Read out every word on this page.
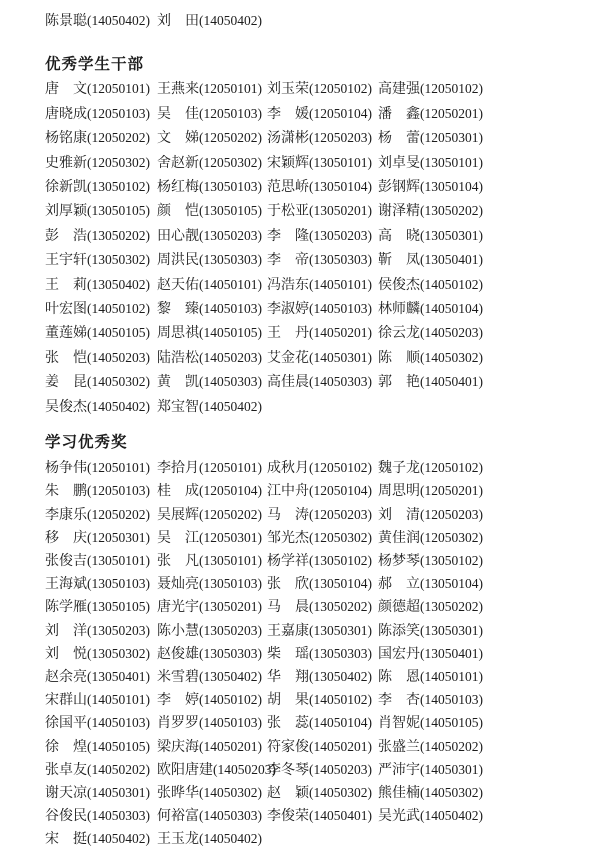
陈景聪(14050402) 刘　田(14050402)
优秀学生干部
唐　文(12050101) 王燕来(12050101) 刘玉荣(12050102) 高建强(12050102)
唐晓成(12050103) 吴　佳(12050103) 李　媛(12050104) 潘　鑫(12050201)
杨铭康(12050202) 文　娣(12050202) 汤潇彬(12050203) 杨　蕾(12050301)
史雅新(12050302) 舍赵新(12050302) 宋颖辉(13050101) 刘卓旻(13050101)
徐新凯(13050102) 杨红梅(13050103) 范思峤(13050104) 彭钢辉(13050104)
刘厚颖(13050105) 颜　恺(13050105) 于松亚(13050201) 谢泽精(13050202)
彭　浩(13050202) 田心靓(13050203) 李　隆(13050203) 高　晓(13050301)
王宇轩(13050302) 周洪民(13050303) 李　帝(13050303) 靳　凤(13050401)
王　莉(13050402) 赵天佑(14050101) 冯浩东(14050101) 侯俊杰(14050102)
叶宏图(14050102) 黎　臻(14050103) 李淑婷(14050103) 林师麟(14050104)
董莲娣(14050105) 周思祺(14050105) 王　丹(14050201) 徐云龙(14050203)
张　恺(14050203) 陆浩松(14050203) 艾金花(14050301) 陈　顺(14050302)
姜　昆(14050302) 黄　凯(14050303) 高佳晨(14050303) 郭　艳(14050401)
吴俊杰(14050402) 郑宝智(14050402)
学习优秀奖
杨争伟(12050101) 李拾月(12050101) 成秋月(12050102) 魏子龙(12050102)
朱　鹏(12050103) 桂　成(12050104) 江中舟(12050104) 周思明(12050201)
李康乐(12050202) 吴展辉(12050202) 马　涛(12050203) 刘　清(12050203)
移　庆(12050301) 吴　江(12050301) 邹光杰(12050302) 黄佳润(12050302)
张俊吉(13050101) 张　凡(13050101) 杨学祥(13050102) 杨梦琴(13050102)
王海斌(13050103) 聂灿亮(13050103) 张　欣(13050104) 郝　立(13050104)
陈学雁(13050105) 唐光宇(13050201) 马　晨(13050202) 颜德超(13050202)
刘　洋(13050203) 陈小慧(13050203) 王嘉康(13050301) 陈添笑(13050301)
刘　悦(13050302) 赵俊雄(13050303) 柴　瑶(13050303) 国宏丹(13050401)
赵余亮(13050401) 米雪碧(13050402) 华　翔(13050402) 陈　恩(14050101)
宋群山(14050101) 李　婷(14050102) 胡　果(14050102) 李　杏(14050103)
徐国平(14050103) 肖罗罗(14050103) 张　蕊(14050104) 肖智妮(14050105)
徐　煌(14050105) 梁庆海(14050201) 符家俊(14050201) 张盛兰(14050202)
张卓友(14050202) 欧阳唐建(14050203)
李冬琴(14050203) 严沛宇(14050301)
谢天凉(14050301) 张晔华(14050302) 赵　颖(14050302) 熊佳楠(14050302)
谷俊民(14050303) 何裕富(14050303) 李俊荣(14050401) 吴光武(14050402)
宋　挺(14050402) 王玉龙(14050402)
